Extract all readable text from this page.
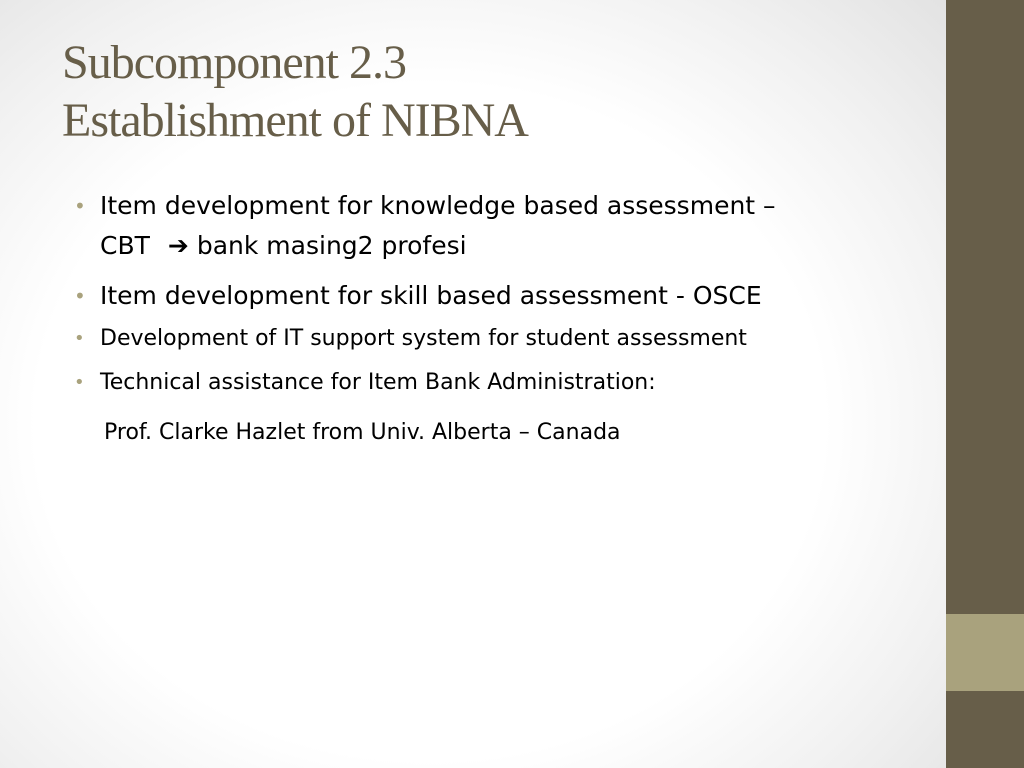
Subcomponent 2.3
Establishment of NIBNA
• Item development for knowledge based assessment –
CBT ➔ bank masing2 profesi
• Item development for skill based assessment - OSCE
• Development of IT support system for student assessment
• Technical assistance for Item Bank Administration:
Prof. Clarke Hazlet from Univ. Alberta – Canada
